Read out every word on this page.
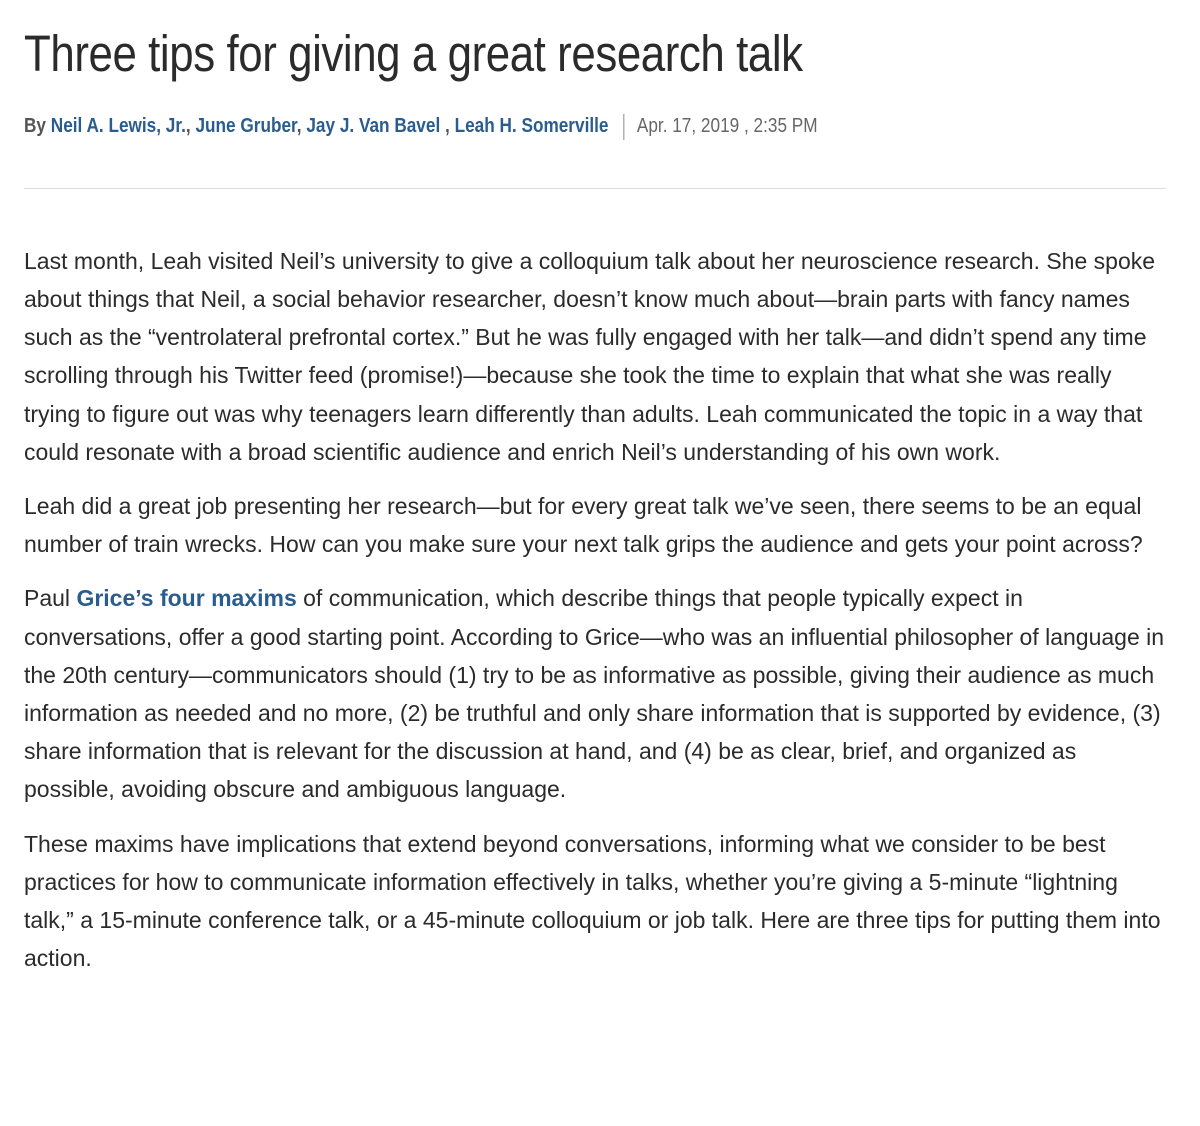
Three tips for giving a great research talk
By Neil A. Lewis, Jr., June Gruber, Jay J. Van Bavel , Leah H. Somerville Apr. 17, 2019 , 2:35 PM

Last month, Leah visited Neil’s university to give a colloquium talk about her neuroscience research. She spoke about things that Neil, a social behavior researcher, doesn’t know much about—brain parts with fancy names such as the “ventrolateral prefrontal cortex.” But he was fully engaged with her talk—and didn’t spend any time scrolling through his Twitter feed (promise!)—because she took the time to explain that what she was really trying to figure out was why teenagers learn differently than adults. Leah communicated the topic in a way that could resonate with a broad scientific audience and enrich Neil’s understanding of his own work.

Leah did a great job presenting her research—but for every great talk we’ve seen, there seems to be an equal number of train wrecks. How can you make sure your next talk grips the audience and gets your point across?

Paul Grice’s four maxims of communication, which describe things that people typically expect in conversations, offer a good starting point. According to Grice—who was an influential philosopher of language in the 20th century—communicators should (1) try to be as informative as possible, giving their audience as much information as needed and no more, (2) be truthful and only share information that is supported by evidence, (3) share information that is relevant for the discussion at hand, and (4) be as clear, brief, and organized as possible, avoiding obscure and ambiguous language.

These maxims have implications that extend beyond conversations, informing what we consider to be best practices for how to communicate information effectively in talks, whether you’re giving a 5-minute “lightning talk,” a 15-minute conference talk, or a 45-minute colloquium or job talk. Here are three tips for putting them into action.
